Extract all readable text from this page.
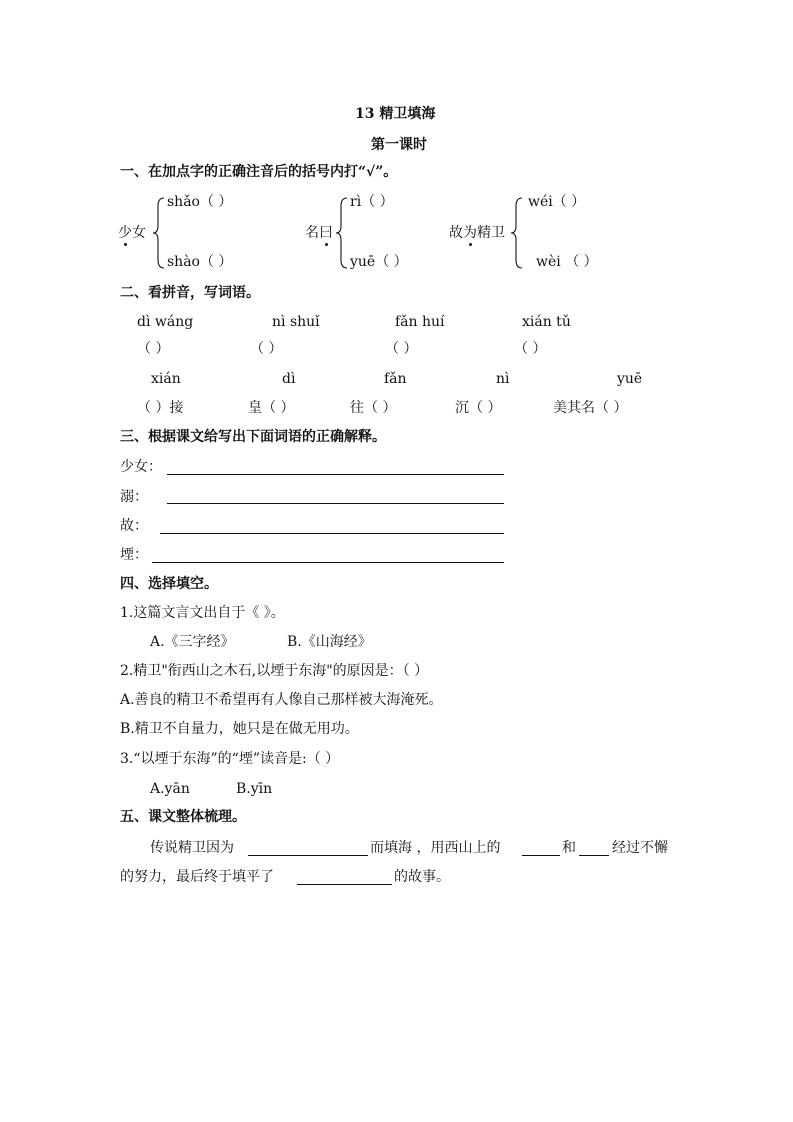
13 精卫填海
第一课时
一、在加点字的正确注音后的括号内打“√”。
少女
shǎo（ ）
shào（ ）
名曰
rì（ ）
yuē（ ）
故为精卫
wéi（ ）
wèi （ ）
二、看拼音，写词语。
dì wáng	nì shuǐ	fǎn huí	xián tǔ
（ ）	（ ）	（ ）	（ ）
xián	dì	fǎn	nì	yuē
（ ）接	皇（ ）	往（ ）	沉（ ）	美其名（ ）
三、根据课文给写出下面词语的正确解释。
少女：
溺：
故：
堙：
四、选择填空。
1.这篇文言文出自于《 》。
A.《三字经》	B.《山海经》
2.精卫"衔西山之木石,以堙于东海"的原因是：（ ）
A.善良的精卫不希望再有人像自己那样被大海淹死。
B.精卫不自量力，她只是在做无用功。
3.“以堙于东海”的“堙”读音是:（ ）
A.yān	B.yīn
五、课文整体梳理。
传说精卫因为	而填海 ，用西山上的	和	经过不懈
的努力，最后终于填平了	的故事。
